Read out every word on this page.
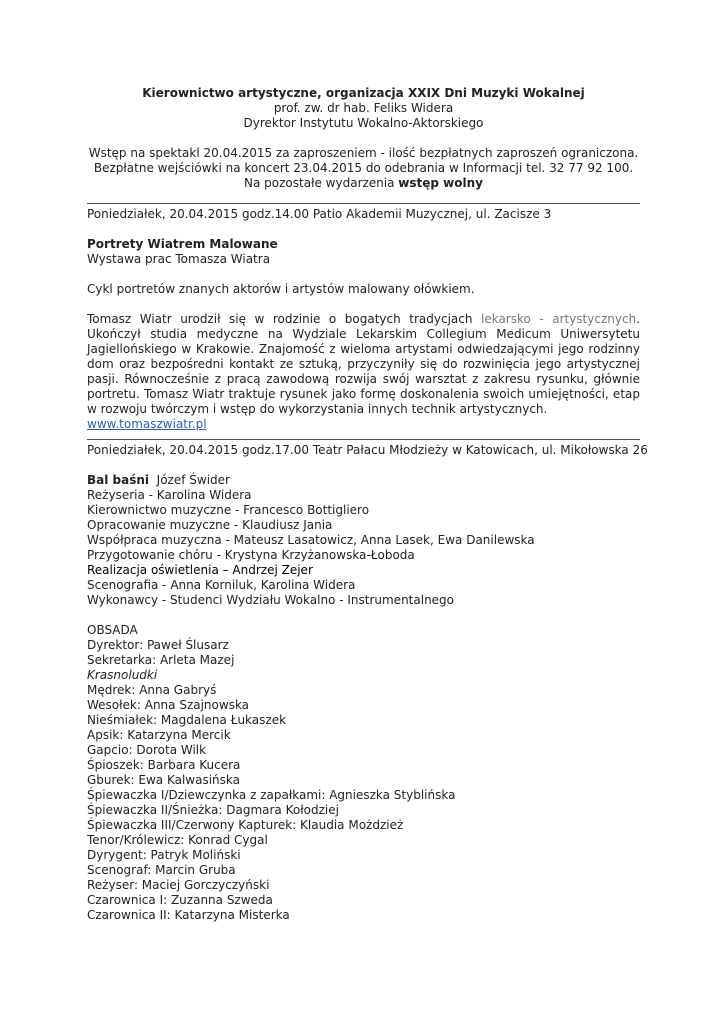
Kierownictwo artystyczne, organizacja XXIX Dni Muzyki Wokalnej
prof. zw. dr hab. Feliks Widera
Dyrektor Instytutu Wokalno-Aktorskiego
Wstęp na spektakl 20.04.2015 za zaproszeniem - ilość bezpłatnych zaproszeń ograniczona.
Bezpłatne wejściówki na koncert 23.04.2015 do odebrania w Informacji tel. 32 77 92 100.
Na pozostałe wydarzenia wstęp wolny
Poniedziałek, 20.04.2015 godz.14.00 Patio Akademii Muzycznej, ul. Zacisze 3
Portrety Wiatrem Malowane
Wystawa prac Tomasza Wiatra
Cykl portretów znanych aktorów i artystów malowany ołówkiem.
Tomasz Wiatr urodził się w rodzinie o bogatych tradycjach lekarsko - artystycznych. Ukończył studia medyczne na Wydziale Lekarskim Collegium Medicum Uniwersytetu Jagiellońskiego w Krakowie. Znajomość z wieloma artystami odwiedzającymi jego rodzinny dom oraz bezpośredni kontakt ze sztuką, przyczyniły się do rozwinięcia jego artystycznej pasji. Równocześnie z pracą zawodową rozwija swój warsztat z zakresu rysunku, głównie portretu. Tomasz Wiatr traktuje rysunek jako formę doskonalenia swoich umiejętności, etap w rozwoju twórczym i wstęp do wykorzystania innych technik artystycznych.
www.tomaszwiatr.pl
Poniedziałek, 20.04.2015 godz.17.00 Teatr Pałacu Młodzieży w Katowicach, ul. Mikołowska 26
Bal baśni Józef Świder
Reżyseria - Karolina Widera
Kierownictwo muzyczne - Francesco Bottigliero
Opracowanie muzyczne - Klaudiusz Jania
Współpraca muzyczna - Mateusz Lasatowicz, Anna Lasek, Ewa Danilewska
Przygotowanie chóru - Krystyna Krzyżanowska-Łoboda
Realizacja oświetlenia – Andrzej Zejer
Scenografia - Anna Korniluk, Karolina Widera
Wykonawcy - Studenci Wydziału Wokalno - Instrumentalnego
OBSADA
Dyrektor: Paweł Ślusarz
Sekretarka: Arleta Mazej
Krasnoludki
Mędrek: Anna Gabryś
Wesołek: Anna Szajnowska
Nieśmiałek: Magdalena Łukaszek
Apsik: Katarzyna Mercik
Gapcio: Dorota Wilk
Śpioszek: Barbara Kucera
Gburek: Ewa Kalwasińska
Śpiewaczka I/Dziewczynka z zapałkami: Agnieszka Styblińska
Śpiewaczka II/Śnieżka: Dagmara Kołodziej
Śpiewaczka III/Czerwony Kapturek: Klaudia Możdzież
Tenor/Królewicz: Konrad Cygal
Dyrygent: Patryk Moliński
Scenograf: Marcin Gruba
Reżyser: Maciej Gorczyczyński
Czarownica I: Zuzanna Szweda
Czarownica II: Katarzyna Misterka
